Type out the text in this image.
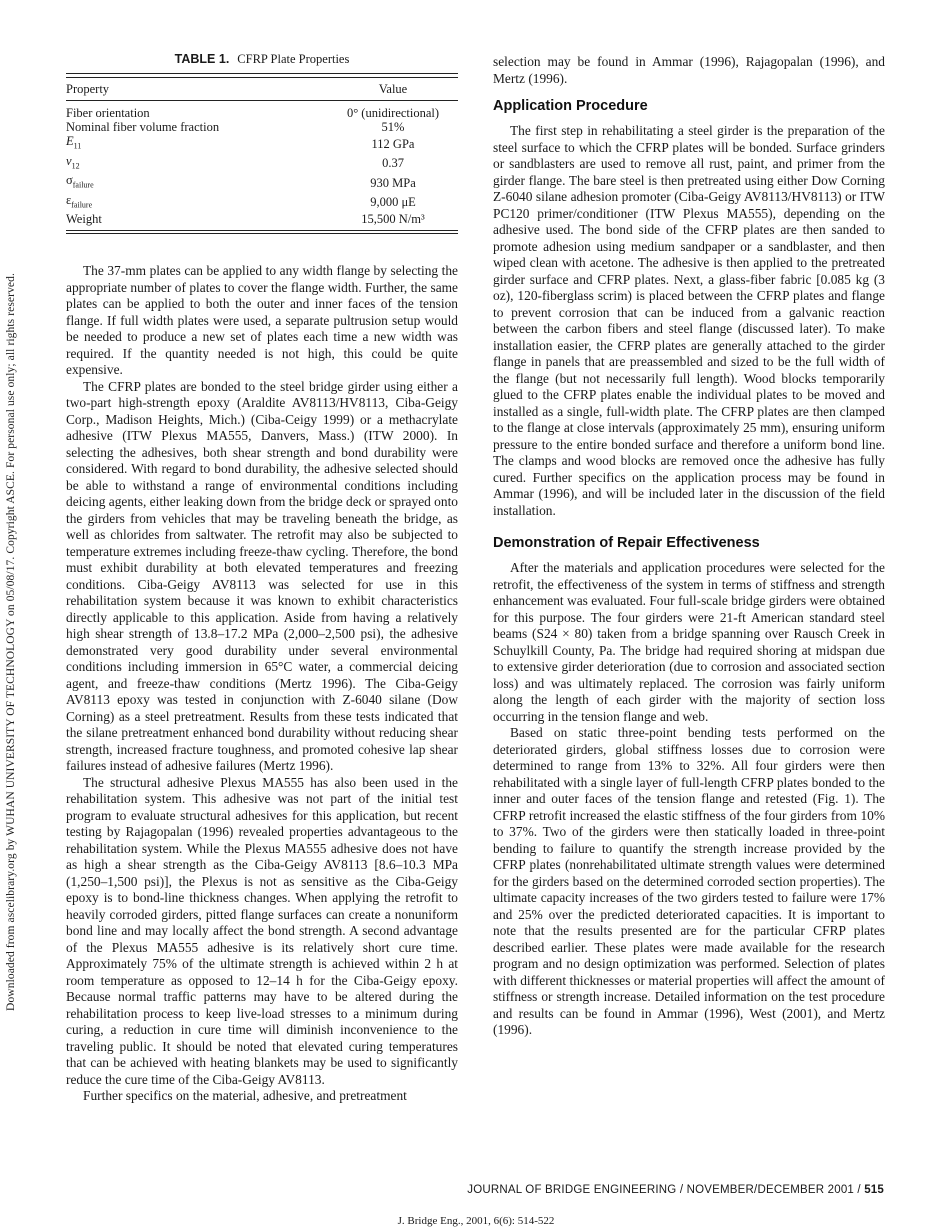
Downloaded from ascelibrary.org by WUHAN UNIVERSITY OF TECHNOLOGY on 05/08/17. Copyright ASCE. For personal use only; all rights reserved.
TABLE 1. CFRP Plate Properties
Property	Value
Fiber orientation	0° (unidirectional)
Nominal fiber volume fraction	51%
$E_{11}$	112 GPa
$\nu_{12}$	0.37
$\sigma_{failure}$	930 MPa
$\varepsilon_{failure}$	9,000 μE
Weight	15,500 N/m³

The 37-mm plates can be applied to any width flange by selecting the appropriate number of plates to cover the flange width. Further, the same plates can be applied to both the outer and inner faces of the tension flange. If full width plates were used, a separate pultrusion setup would be needed to produce a new set of plates each time a new width was required. If the quantity needed is not high, this could be quite expensive.

The CFRP plates are bonded to the steel bridge girder using either a two-part high-strength epoxy (Araldite AV8113/HV8113, Ciba-Geigy Corp., Madison Heights, Mich.) (Ciba-Ceigy 1999) or a methacrylate adhesive (ITW Plexus MA555, Danvers, Mass.) (ITW 2000). In selecting the adhesives, both shear strength and bond durability were considered. With regard to bond durability, the adhesive selected should be able to withstand a range of environmental conditions including deicing agents, either leaking down from the bridge deck or sprayed onto the girders from vehicles that may be traveling beneath the bridge, as well as chlorides from saltwater. The retrofit may also be subjected to temperature extremes including freeze-thaw cycling. Therefore, the bond must exhibit durability at both elevated temperatures and freezing conditions. Ciba-Geigy AV8113 was selected for use in this rehabilitation system because it was known to exhibit characteristics directly applicable to this application. Aside from having a relatively high shear strength of 13.8–17.2 MPa (2,000–2,500 psi), the adhesive demonstrated very good durability under several environmental conditions including immersion in 65°C water, a commercial deicing agent, and freeze-thaw conditions (Mertz 1996). The Ciba-Geigy AV8113 epoxy was tested in conjunction with Z-6040 silane (Dow Corning) as a steel pretreatment. Results from these tests indicated that the silane pretreatment enhanced bond durability without reducing shear strength, increased fracture toughness, and promoted cohesive lap shear failures instead of adhesive failures (Mertz 1996).

The structural adhesive Plexus MA555 has also been used in the rehabilitation system. This adhesive was not part of the initial test program to evaluate structural adhesives for this application, but recent testing by Rajagopalan (1996) revealed properties advantageous to the rehabilitation system. While the Plexus MA555 adhesive does not have as high a shear strength as the Ciba-Geigy AV8113 [8.6–10.3 MPa (1,250–1,500 psi)], the Plexus is not as sensitive as the Ciba-Geigy epoxy is to bond-line thickness changes. When applying the retrofit to heavily corroded girders, pitted flange surfaces can create a nonuniform bond line and may locally affect the bond strength. A second advantage of the Plexus MA555 adhesive is its relatively short cure time. Approximately 75% of the ultimate strength is achieved within 2 h at room temperature as opposed to 12–14 h for the Ciba-Geigy epoxy. Because normal traffic patterns may have to be altered during the rehabilitation process to keep live-load stresses to a minimum during curing, a reduction in cure time will diminish inconvenience to the traveling public. It should be noted that elevated curing temperatures that can be achieved with heating blankets may be used to significantly reduce the cure time of the Ciba-Geigy AV8113.

Further specifics on the material, adhesive, and pretreatment

selection may be found in Ammar (1996), Rajagopalan (1996), and Mertz (1996).

Application Procedure

The first step in rehabilitating a steel girder is the preparation of the steel surface to which the CFRP plates will be bonded. Surface grinders or sandblasters are used to remove all rust, paint, and primer from the girder flange. The bare steel is then pretreated using either Dow Corning Z-6040 silane adhesion promoter (Ciba-Geigy AV8113/HV8113) or ITW PC120 primer/conditioner (ITW Plexus MA555), depending on the adhesive used. The bond side of the CFRP plates are then sanded to promote adhesion using medium sandpaper or a sandblaster, and then wiped clean with acetone. The adhesive is then applied to the pretreated girder surface and CFRP plates. Next, a glass-fiber fabric [0.085 kg (3 oz), 120-fiberglass scrim) is placed between the CFRP plates and flange to prevent corrosion that can be induced from a galvanic reaction between the carbon fibers and steel flange (discussed later). To make installation easier, the CFRP plates are generally attached to the girder flange in panels that are preassembled and sized to be the full width of the flange (but not necessarily full length). Wood blocks temporarily glued to the CFRP plates enable the individual plates to be moved and installed as a single, full-width plate. The CFRP plates are then clamped to the flange at close intervals (approximately 25 mm), ensuring uniform pressure to the entire bonded surface and therefore a uniform bond line. The clamps and wood blocks are removed once the adhesive has fully cured. Further specifics on the application process may be found in Ammar (1996), and will be included later in the discussion of the field installation.

Demonstration of Repair Effectiveness

After the materials and application procedures were selected for the retrofit, the effectiveness of the system in terms of stiffness and strength enhancement was evaluated. Four full-scale bridge girders were obtained for this purpose. The four girders were 21-ft American standard steel beams (S24 × 80) taken from a bridge spanning over Rausch Creek in Schuylkill County, Pa. The bridge had required shoring at midspan due to extensive girder deterioration (due to corrosion and associated section loss) and was ultimately replaced. The corrosion was fairly uniform along the length of each girder with the majority of section loss occurring in the tension flange and web.

Based on static three-point bending tests performed on the deteriorated girders, global stiffness losses due to corrosion were determined to range from 13% to 32%. All four girders were then rehabilitated with a single layer of full-length CFRP plates bonded to the inner and outer faces of the tension flange and retested (Fig. 1). The CFRP retrofit increased the elastic stiffness of the four girders from 10% to 37%. Two of the girders were then statically loaded in three-point bending to failure to quantify the strength increase provided by the CFRP plates (nonrehabilitated ultimate strength values were determined for the girders based on the determined corroded section properties). The ultimate capacity increases of the two girders tested to failure were 17% and 25% over the predicted deteriorated capacities. It is important to note that the results presented are for the particular CFRP plates described earlier. These plates were made available for the research program and no design optimization was performed. Selection of plates with different thicknesses or material properties will affect the amount of stiffness or strength increase. Detailed information on the test procedure and results can be found in Ammar (1996), West (2001), and Mertz (1996).

JOURNAL OF BRIDGE ENGINEERING / NOVEMBER/DECEMBER 2001 / 515
J. Bridge Eng., 2001, 6(6): 514-522
